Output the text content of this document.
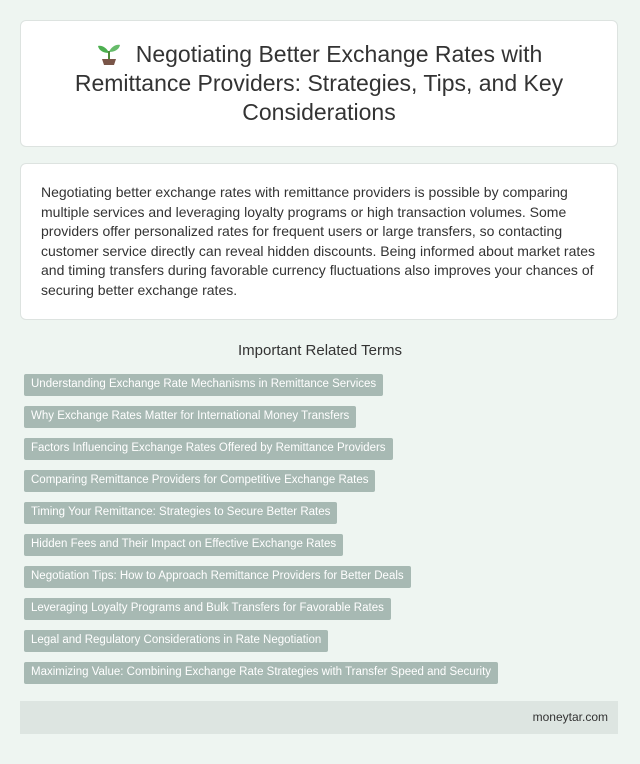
Negotiating Better Exchange Rates with Remittance Providers: Strategies, Tips, and Key Considerations

Negotiating better exchange rates with remittance providers is possible by comparing multiple services and leveraging loyalty programs or high transaction volumes. Some providers offer personalized rates for frequent users or large transfers, so contacting customer service directly can reveal hidden discounts. Being informed about market rates and timing transfers during favorable currency fluctuations also improves your chances of securing better exchange rates.

Important Related Terms
Understanding Exchange Rate Mechanisms in Remittance Services
Why Exchange Rates Matter for International Money Transfers
Factors Influencing Exchange Rates Offered by Remittance Providers
Comparing Remittance Providers for Competitive Exchange Rates
Timing Your Remittance: Strategies to Secure Better Rates
Hidden Fees and Their Impact on Effective Exchange Rates
Negotiation Tips: How to Approach Remittance Providers for Better Deals
Leveraging Loyalty Programs and Bulk Transfers for Favorable Rates
Legal and Regulatory Considerations in Rate Negotiation
Maximizing Value: Combining Exchange Rate Strategies with Transfer Speed and Security
moneytar.com
